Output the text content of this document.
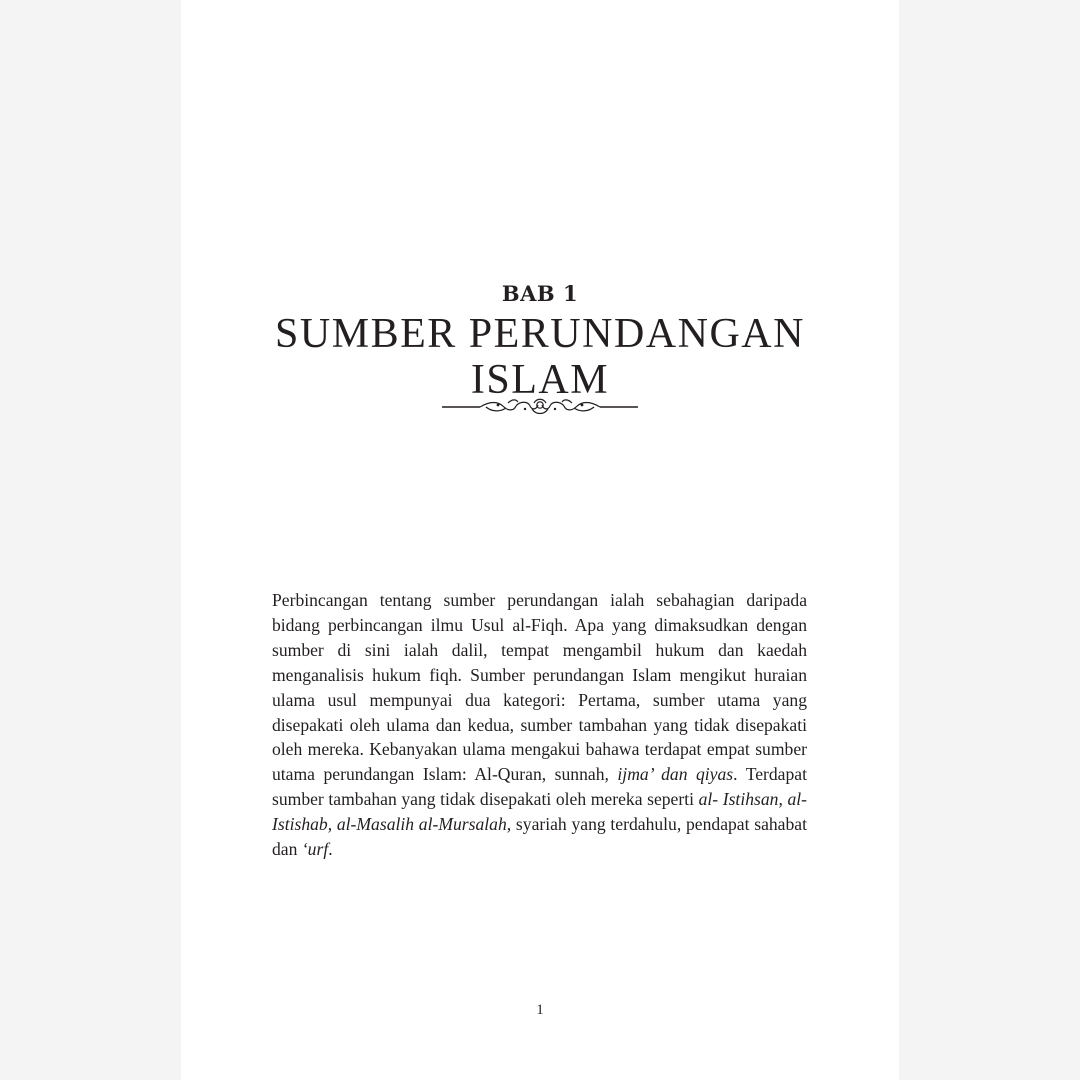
BAB 1
SUMBER PERUNDANGAN
ISLAM

Perbincangan tentang sumber perundangan ialah sebahagian daripada bidang perbincangan ilmu Usul al-Fiqh. Apa yang dimaksudkan dengan sumber di sini ialah dalil, tempat mengambil hukum dan kaedah menganalisis hukum fiqh. Sumber perundangan Islam mengikut huraian ulama usul mempunyai dua kategori: Pertama, sumber utama yang disepakati oleh ulama dan kedua, sumber tambahan yang tidak disepakati oleh mereka. Kebanyakan ulama mengakui bahawa terdapat empat sumber utama perundangan Islam: Al-Quran, sunnah, ijma’ dan qiyas. Terdapat sumber tambahan yang tidak disepakati oleh mereka seperti al- Istihsan, al-Istishab, al-Masalih al-Mursalah, syariah yang terdahulu, pendapat sahabat dan ‘urf.

1
